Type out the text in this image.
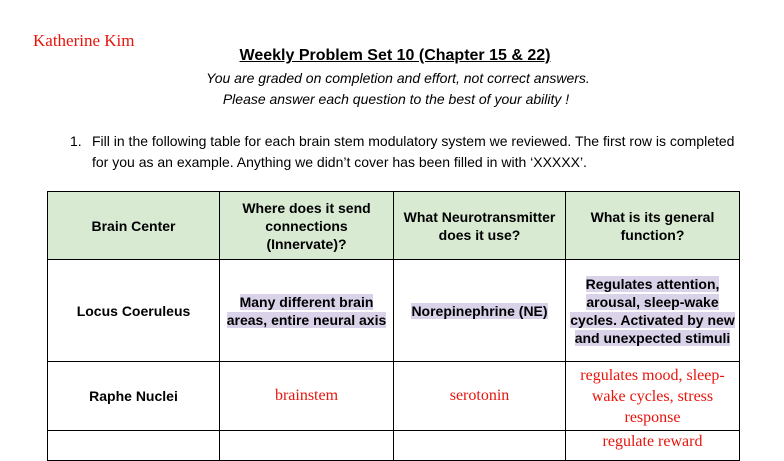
Katherine Kim
Weekly Problem Set 10 (Chapter 15 & 22)
You are graded on completion and effort, not correct answers.
Please answer each question to the best of your ability !
1. Fill in the following table for each brain stem modulatory system we reviewed. The first row is completed for you as an example. Anything we didn’t cover has been filled in with ‘XXXXX’.
Brain Center	Where does it send connections (Innervate)?	What Neurotransmitter does it use?	What is its general function?
Locus Coeruleus	Many different brain areas, entire neural axis	Norepinephrine (NE)	Regulates attention, arousal, sleep-wake cycles. Activated by new and unexpected stimuli
Raphe Nuclei	brainstem	serotonin	regulates mood, sleep-wake cycles, stress response
			regulate reward
